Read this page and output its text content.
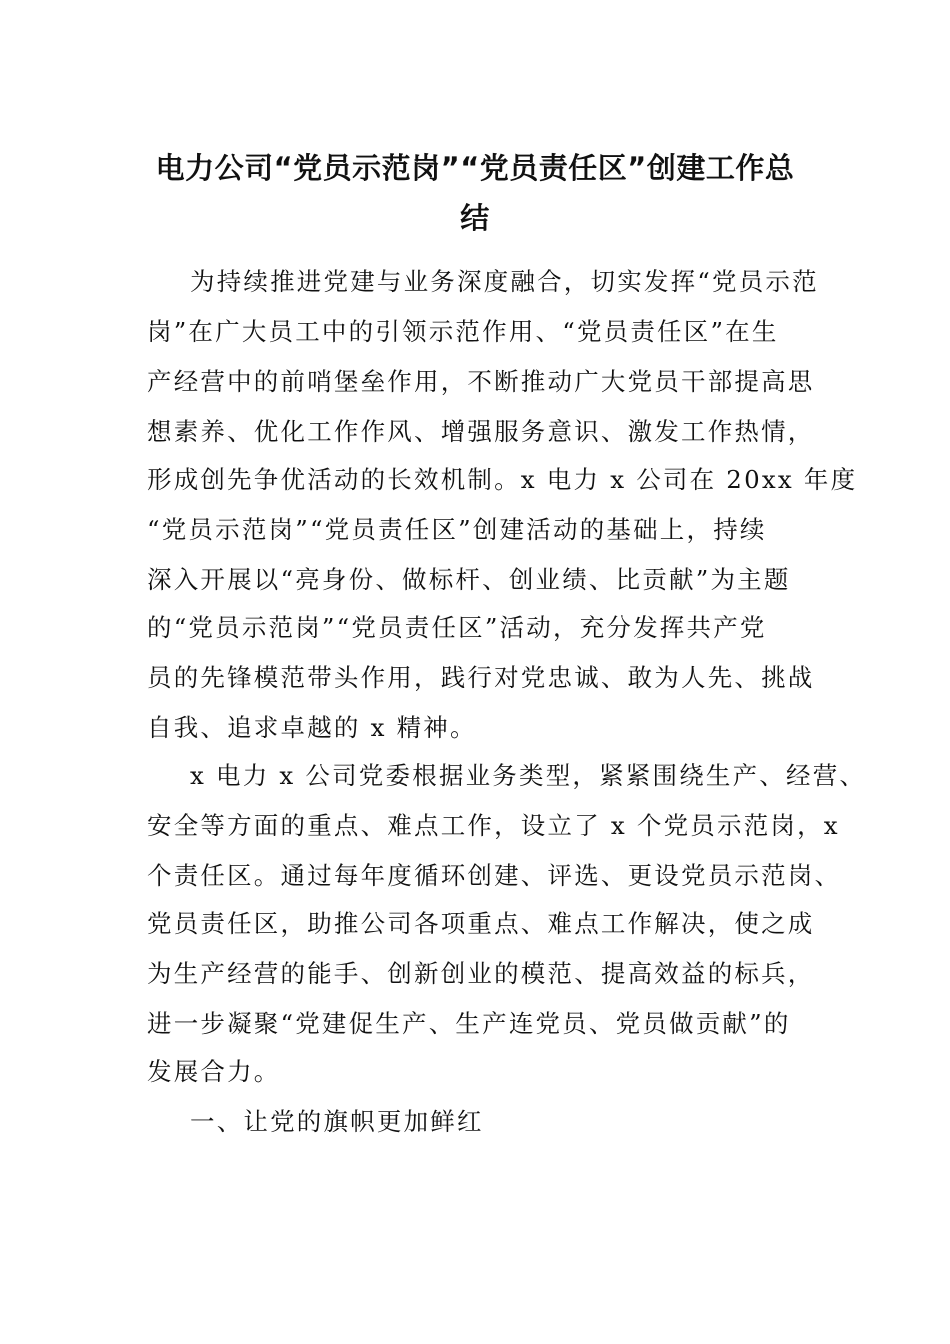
电力公司“党员示范岗”“党员责任区”创建工作总
结
为持续推进党建与业务深度融合，切实发挥“党员示范
岗”在广大员工中的引领示范作用、“党员责任区”在生
产经营中的前哨堡垒作用，不断推动广大党员干部提高思
想素养、优化工作作风、增强服务意识、激发工作热情，
形成创先争优活动的长效机制。x 电力 x 公司在 20xx 年度
“党员示范岗”“党员责任区”创建活动的基础上，持续
深入开展以“亮身份、做标杆、创业绩、比贡献”为主题
的“党员示范岗”“党员责任区”活动，充分发挥共产党
员的先锋模范带头作用，践行对党忠诚、敢为人先、挑战
自我、追求卓越的 x 精神。
x 电力 x 公司党委根据业务类型，紧紧围绕生产、经营、
安全等方面的重点、难点工作，设立了 x 个党员示范岗，x
个责任区。通过每年度循环创建、评选、更设党员示范岗、
党员责任区，助推公司各项重点、难点工作解决，使之成
为生产经营的能手、创新创业的模范、提高效益的标兵，
进一步凝聚“党建促生产、生产连党员、党员做贡献”的
发展合力。
一、让党的旗帜更加鲜红
